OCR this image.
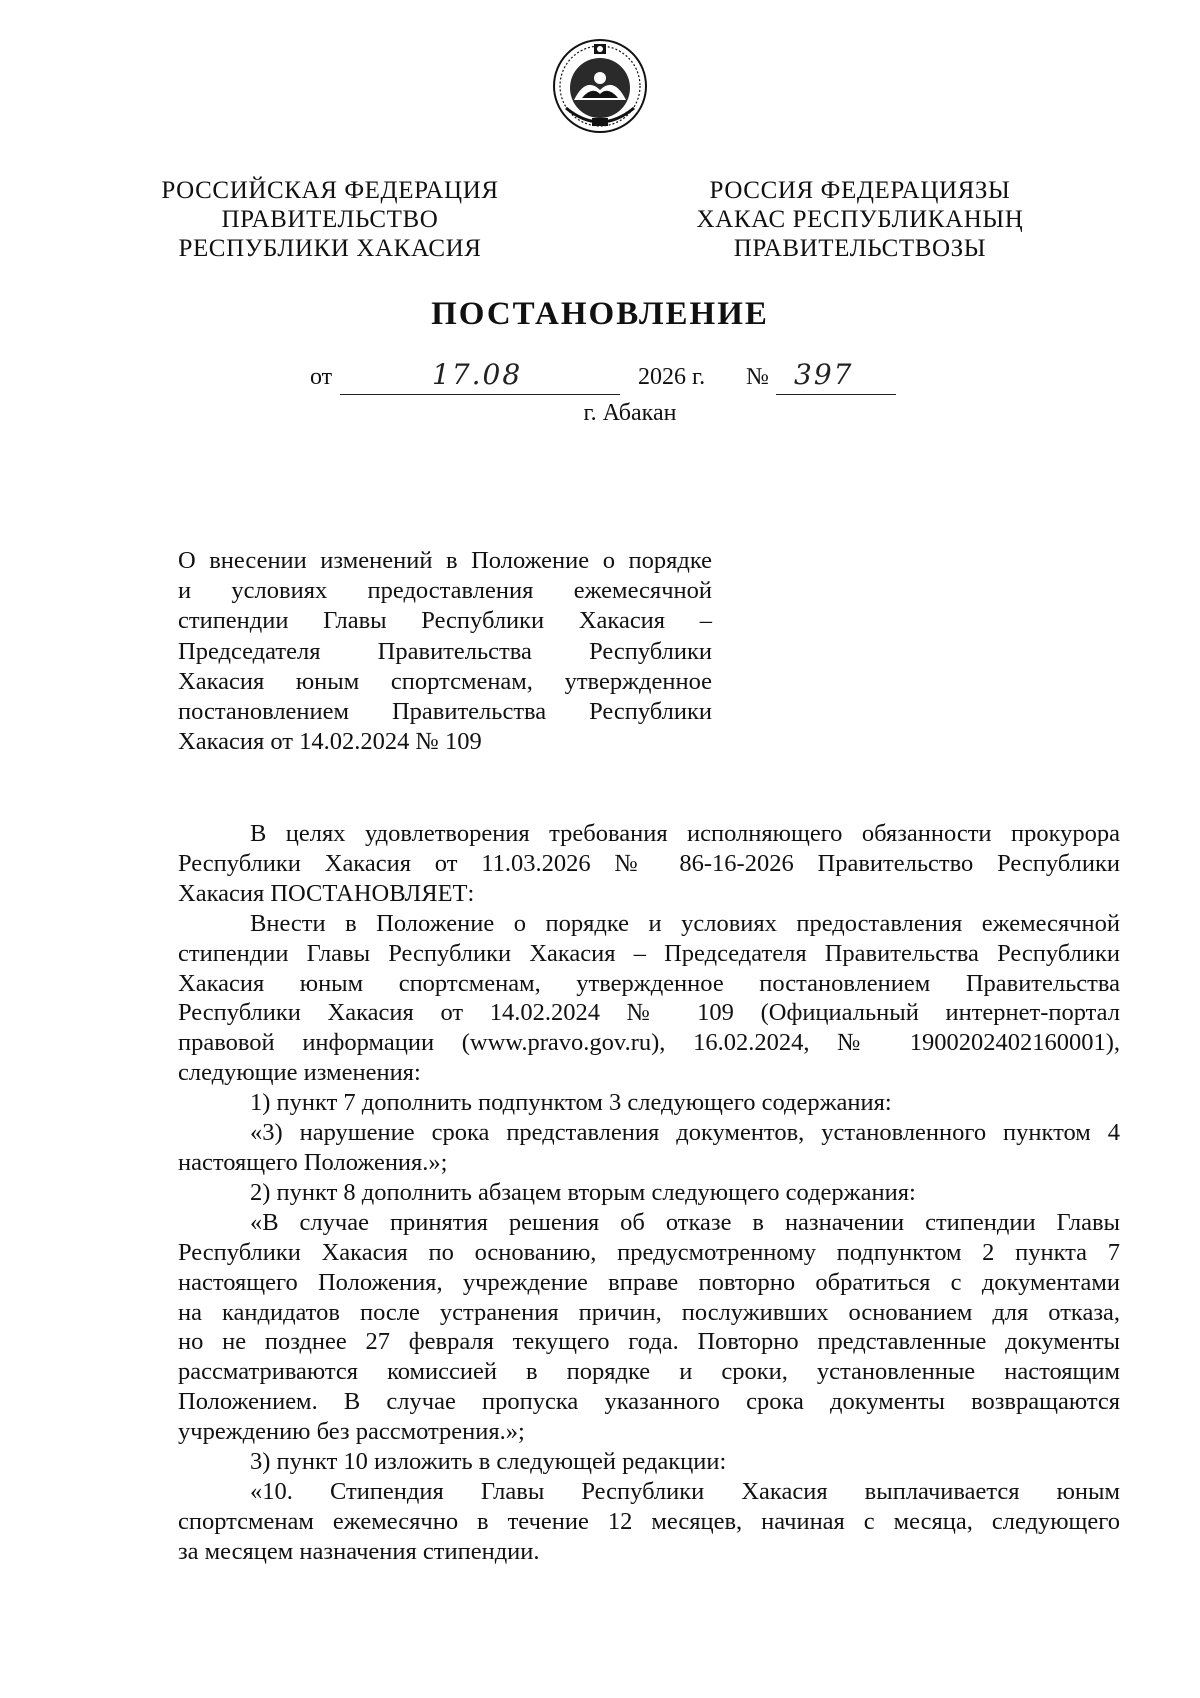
РОССИЙСКАЯ ФЕДЕРАЦИЯ
ПРАВИТЕЛЬСТВО
РЕСПУБЛИКИ ХАКАСИЯ
РОССИЯ ФЕДЕРАЦИЯЗЫ
ХАКАС РЕСПУБЛИКАНЫҢ
ПРАВИТЕЛЬСТВОЗЫ
ПОСТАНОВЛЕНИЕ
от	17.08	2026 г. № 397
г. Абакан
О внесении изменений в Положение о порядке
и условиях предоставления ежемесячной
стипендии Главы Республики Хакасия –
Председателя Правительства Республики
Хакасия юным спортсменам, утвержденное
постановлением Правительства Республики
Хакасия от 14.02.2024 № 109
В целях удовлетворения требования исполняющего обязанности прокурора
Республики Хакасия от 11.03.2026 № 86-16-2026 Правительство Республики
Хакасия ПОСТАНОВЛЯЕТ:
Внести в Положение о порядке и условиях предоставления ежемесячной
стипендии Главы Республики Хакасия – Председателя Правительства Республики
Хакасия юным спортсменам, утвержденное постановлением Правительства
Республики Хакасия от 14.02.2024 № 109 (Официальный интернет-портал
правовой информации (www.pravo.gov.ru), 16.02.2024, № 1900202402160001),
следующие изменения:
1) пункт 7 дополнить подпунктом 3 следующего содержания:
«3) нарушение срока представления документов, установленного пунктом 4
настоящего Положения.»;
2) пункт 8 дополнить абзацем вторым следующего содержания:
«В случае принятия решения об отказе в назначении стипендии Главы
Республики Хакасия по основанию, предусмотренному подпунктом 2 пункта 7
настоящего Положения, учреждение вправе повторно обратиться с документами
на кандидатов после устранения причин, послуживших основанием для отказа,
но не позднее 27 февраля текущего года. Повторно представленные документы
рассматриваются комиссией в порядке и сроки, установленные настоящим
Положением. В случае пропуска указанного срока документы возвращаются
учреждению без рассмотрения.»;
3) пункт 10 изложить в следующей редакции:
«10. Стипендия Главы Республики Хакасия выплачивается юным
спортсменам ежемесячно в течение 12 месяцев, начиная с месяца, следующего
за месяцем назначения стипендии.
